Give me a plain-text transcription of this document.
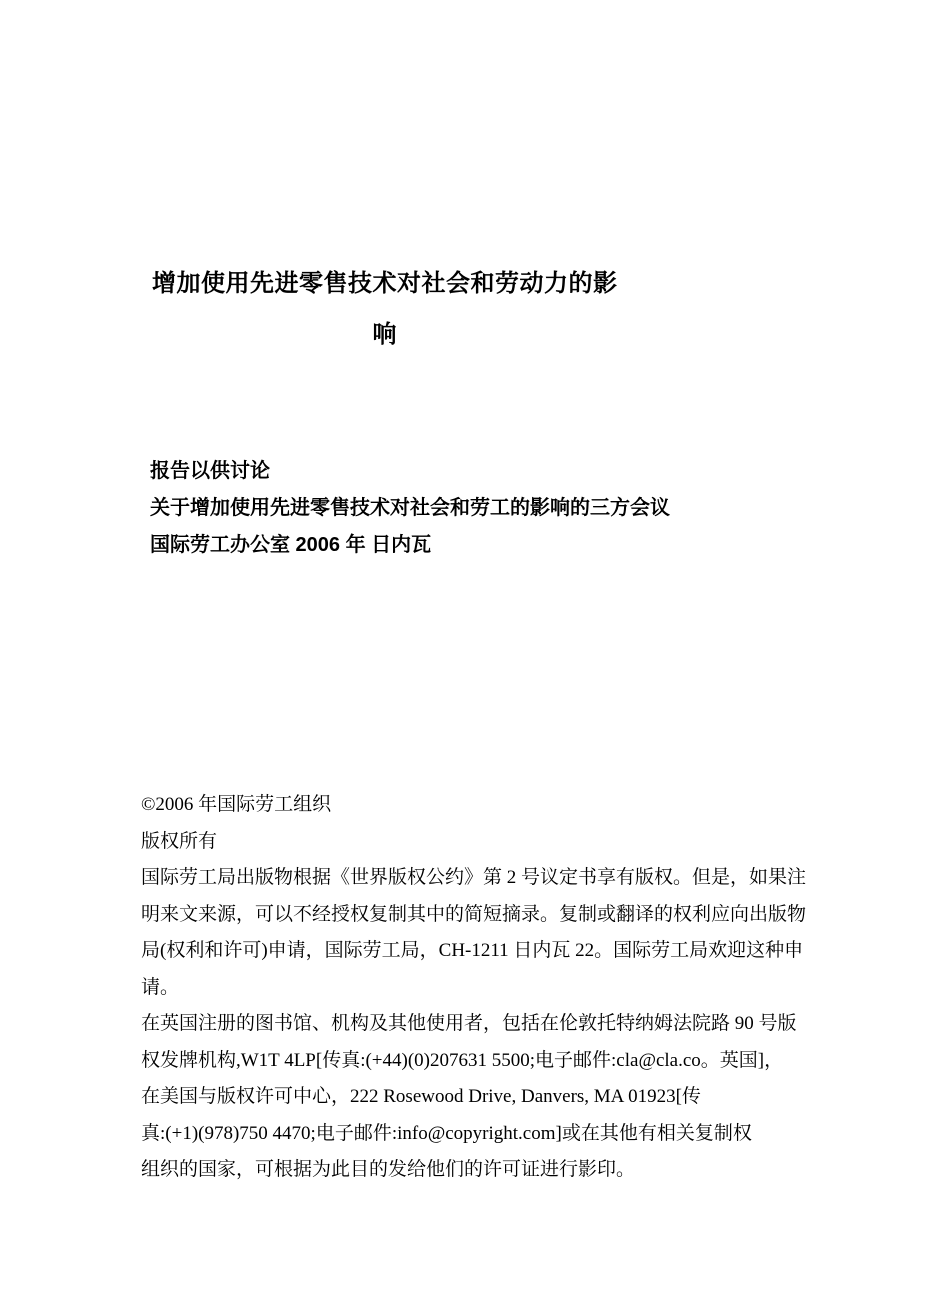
增加使用先进零售技术对社会和劳动力的影
响
报告以供讨论
关于增加使用先进零售技术对社会和劳工的影响的三方会议
国际劳工办公室 2006 年 日内瓦
©2006 年国际劳工组织
版权所有
国际劳工局出版物根据《世界版权公约》第 2 号议定书享有版权。但是，如果注
明来文来源，可以不经授权复制其中的简短摘录。复制或翻译的权利应向出版物
局(权利和许可)申请，国际劳工局，CH-1211 日内瓦 22。国际劳工局欢迎这种申
请。
在英国注册的图书馆、机构及其他使用者，包括在伦敦托特纳姆法院路 90 号版
权发牌机构,W1T 4LP[传真:(+44)(0)207631 5500;电子邮件:cla@cla.co。英国]，
在美国与版权许可中心，222 Rosewood Drive, Danvers, MA 01923[传
真:(+1)(978)750 4470;电子邮件:info@copyright.com]或在其他有相关复制权
组织的国家，可根据为此目的发给他们的许可证进行影印。
